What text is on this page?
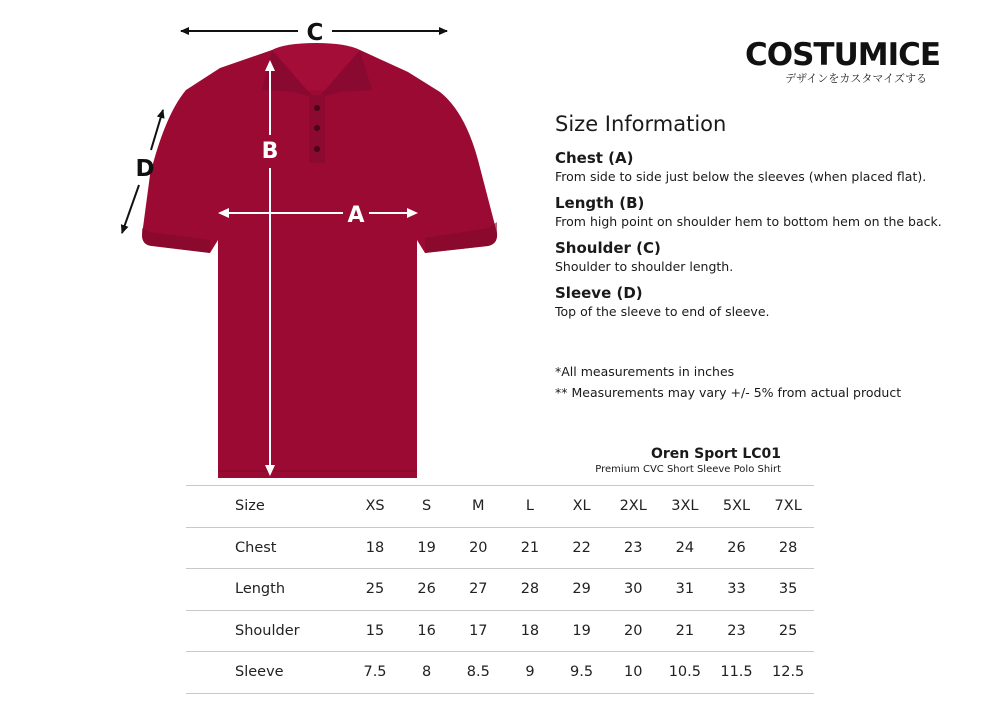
C
D
B
A
COSTUMICE
デザインをカスタマイズする
Size Information
Chest (A)
From side to side just below the sleeves (when placed flat).
Length (B)
From high point on shoulder hem to bottom hem on the back.
Shoulder (C)
Shoulder to shoulder length.
Sleeve (D)
Top of the sleeve to end of sleeve.
*All measurements in inches
** Measurements may vary +/- 5% from actual product
Oren Sport LC01
Premium CVC Short Sleeve Polo Shirt
Size	XS	S	M	L	XL	2XL	3XL	5XL	7XL
Chest	18	19	20	21	22	23	24	26	28
Length	25	26	27	28	29	30	31	33	35
Shoulder	15	16	17	18	19	20	21	23	25
Sleeve	7.5	8	8.5	9	9.5	10	10.5	11.5	12.5
